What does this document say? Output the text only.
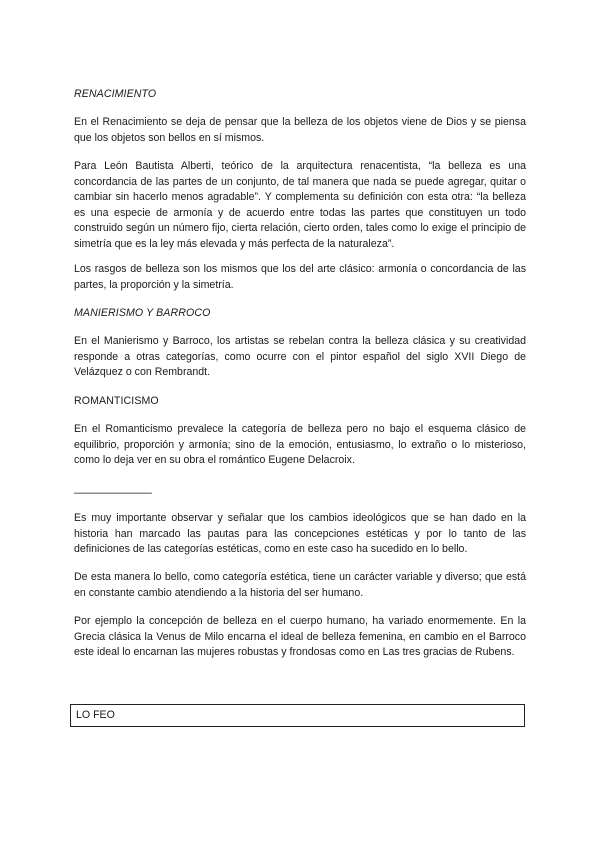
RENACIMIENTO

En el Renacimiento se deja de pensar que la belleza de los objetos viene de Dios y se piensa que los objetos son bellos en sí mismos.

Para León Bautista Alberti, teórico de la arquitectura renacentista, “la belleza es una concordancia de las partes de un conjunto, de tal manera que nada se puede agregar, quitar o cambiar sin hacerlo menos agradable”. Y complementa su definición con esta otra: “la belleza es una especie de armonía y de acuerdo entre todas las partes que constituyen un todo construido según un número fijo, cierta relación, cierto orden, tales como lo exige el principio de simetría que es la ley más elevada y más perfecta de la naturaleza”.

Los rasgos de belleza son los mismos que los del arte clásico: armonía o concordancia de las partes, la proporción y la simetría.

MANIERISMO Y BARROCO

En el Manierismo y Barroco, los artistas se rebelan contra la belleza clásica y su creatividad responde a otras categorías, como ocurre con el pintor español del siglo XVII Diego de Velázquez o con Rembrandt.

ROMANTICISMO

En el Romanticismo prevalece la categoría de belleza pero no bajo el esquema clásico de equilibrio, proporción y armonía; sino de la emoción, entusiasmo, lo extraño o lo misterioso, como lo deja ver en su obra el romántico Eugene Delacroix.

———————–

Es muy importante observar y señalar que los cambios ideológicos que se han dado en la historia han marcado las pautas para las concepciones estéticas y por lo tanto de las definiciones de las categorías estéticas, como en este caso ha sucedido en lo bello.

De esta manera lo bello, como categoría estética, tiene un carácter variable y diverso; que está en constante cambio atendiendo a la historia del ser humano.

Por ejemplo la concepción de belleza en el cuerpo humano, ha variado enormemente. En la Grecia clásica la Venus de Milo encarna el ideal de belleza femenina, en cambio en el Barroco este ideal lo encarnan las mujeres robustas y frondosas como en Las tres gracias de Rubens.

LO FEO
